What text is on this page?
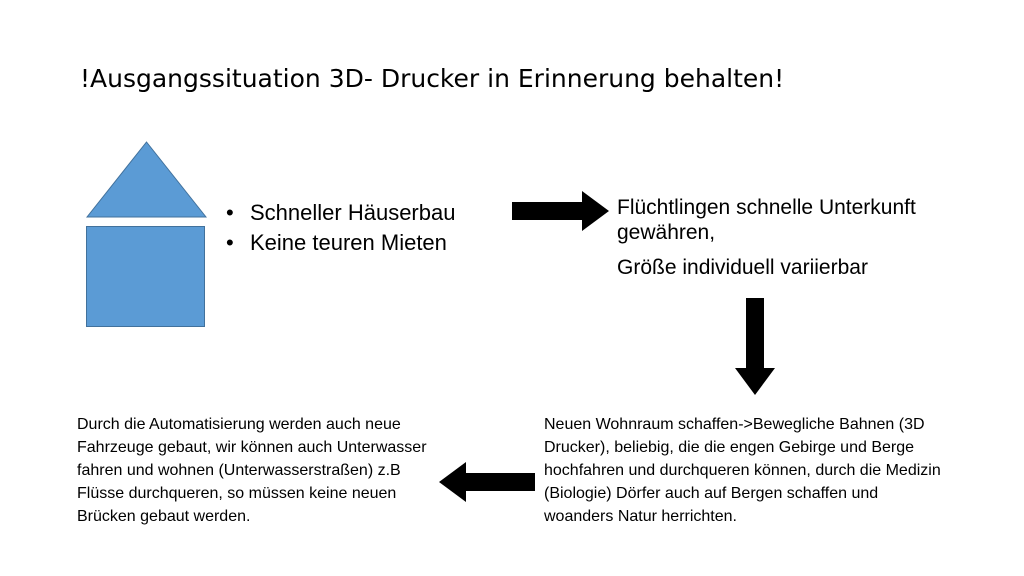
!Ausgangssituation 3D- Drucker in Erinnerung behalten!
• Schneller Häuserbau
• Keine teuren Mieten
Flüchtlingen schnelle Unterkunft gewähren,
Größe individuell variierbar
Neuen Wohnraum schaffen->Bewegliche Bahnen (3D Drucker), beliebig, die die engen Gebirge und Berge hochfahren und durchqueren können, durch die Medizin (Biologie) Dörfer auch auf Bergen schaffen und woanders Natur herrichten.
Durch die Automatisierung werden auch neue Fahrzeuge gebaut, wir können auch Unterwasser fahren und wohnen (Unterwasserstraßen) z.B Flüsse durchqueren, so müssen keine neuen Brücken gebaut werden.
